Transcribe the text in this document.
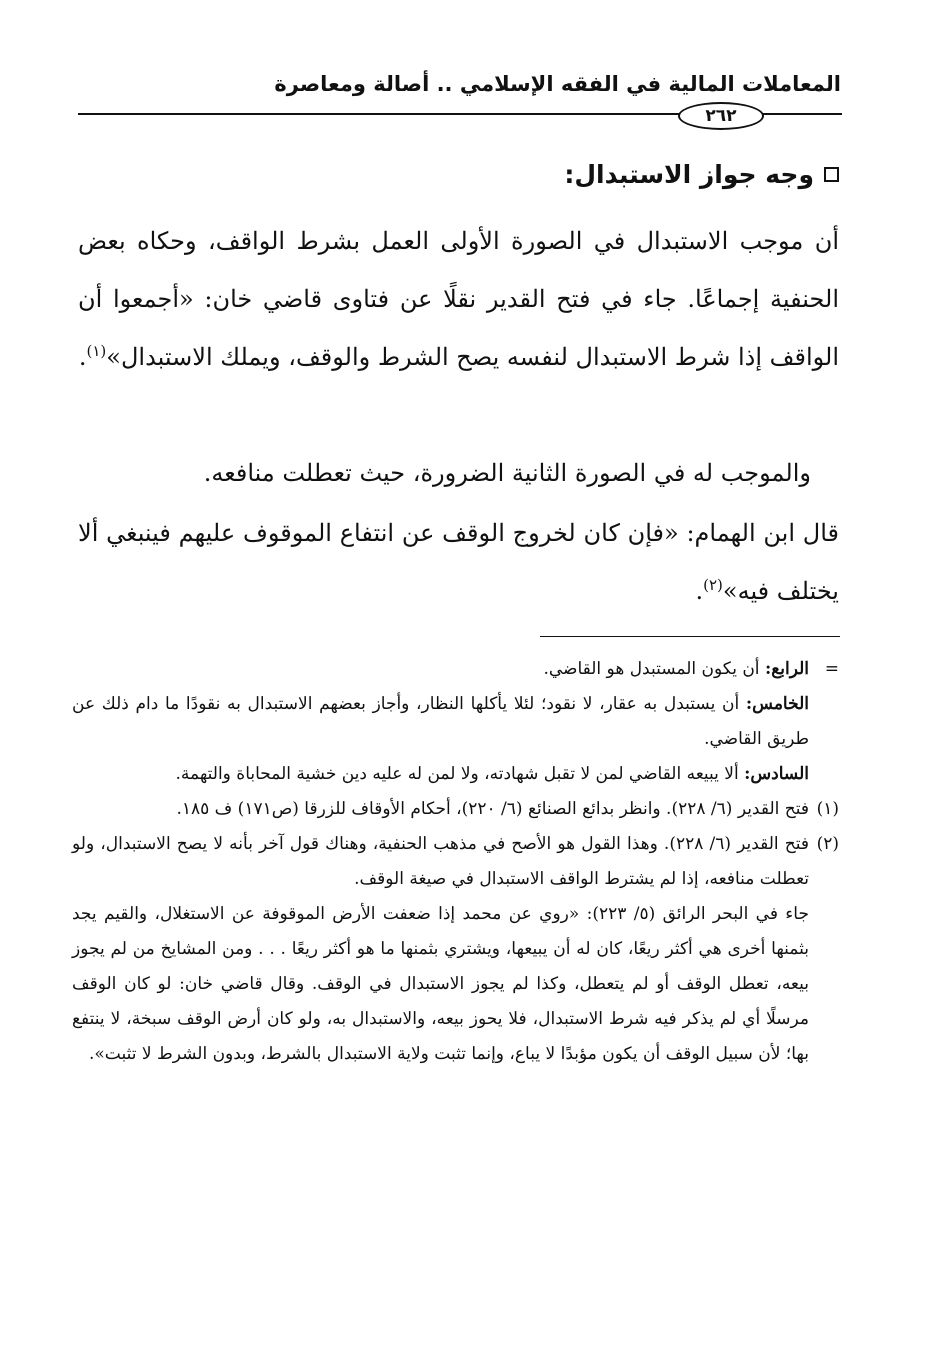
المعاملات المالية في الفقه الإسلامي .. أصالة ومعاصرة
٢٦٢
وجه جواز الاستبدال:
أن موجب الاستبدال في الصورة الأولى العمل بشرط الواقف، وحكاه بعض الحنفية إجماعًا. جاء في فتح القدير نقلًا عن فتاوى قاضي خان: «أجمعوا أن الواقف إذا شرط الاستبدال لنفسه يصح الشرط والوقف، ويملك الاستبدال»$^{(١)}$.
والموجب له في الصورة الثانية الضرورة، حيث تعطلت منافعه.
قال ابن الهمام: «فإن كان لخروج الوقف عن انتفاع الموقوف عليهم فينبغي ألا يختلف فيه»$^{(٢)}$.
=
الرابع: أن يكون المستبدل هو القاضي.
الخامس: أن يستبدل به عقار، لا نقود؛ لئلا يأكلها النظار، وأجاز بعضهم الاستبدال به نقودًا ما دام ذلك عن طريق القاضي.
السادس: ألا يبيعه القاضي لمن لا تقبل شهادته، ولا لمن له عليه دين خشية المحاباة والتهمة.
(١)
فتح القدير (٦/ ٢٢٨). وانظر بدائع الصنائع (٦/ ٢٢٠)، أحكام الأوقاف للزرقا (ص١٧١) ف ١٨٥.
(٢)
فتح القدير (٦/ ٢٢٨). وهذا القول هو الأصح في مذهب الحنفية، وهناك قول آخر بأنه لا يصح الاستبدال، ولو تعطلت منافعه، إذا لم يشترط الواقف الاستبدال في صيغة الوقف.
جاء في البحر الرائق (٥/ ٢٢٣): «روي عن محمد إذا ضعفت الأرض الموقوفة عن الاستغلال، والقيم يجد بثمنها أخرى هي أكثر ريعًا، كان له أن يبيعها، ويشتري بثمنها ما هو أكثر ريعًا . . . ومن المشايخ من لم يجوز بيعه، تعطل الوقف أو لم يتعطل، وكذا لم يجوز الاستبدال في الوقف. وقال قاضي خان: لو كان الوقف مرسلًا أي لم يذكر فيه شرط الاستبدال، فلا يحوز بيعه، والاستبدال به، ولو كان أرض الوقف سبخة، لا ينتفع بها؛ لأن سبيل الوقف أن يكون مؤبدًا لا يباع، وإنما تثبت ولاية الاستبدال بالشرط، وبدون الشرط لا تثبت».
